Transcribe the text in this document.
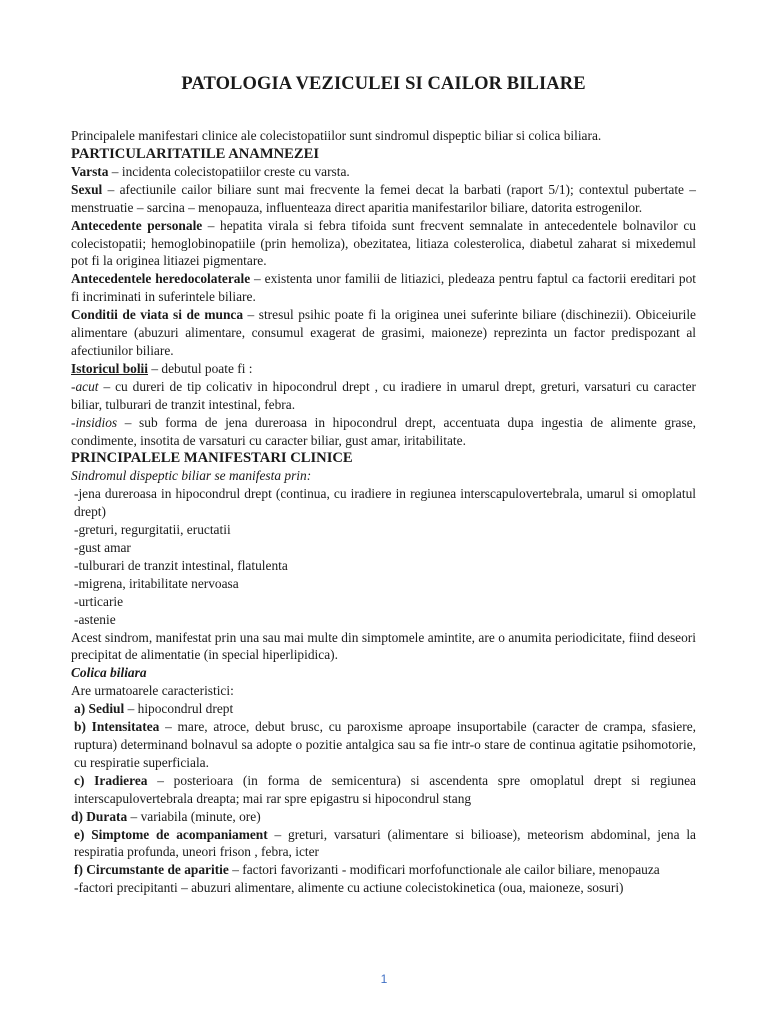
PATOLOGIA VEZICULEI SI CAILOR BILIARE

Principalele manifestari clinice ale colecistopatiilor sunt sindromul dispeptic biliar si colica biliara.

PARTICULARITATILE ANAMNEZEI

Varsta – incidenta colecistopatiilor creste cu varsta.

Sexul – afectiunile cailor biliare sunt mai frecvente la femei decat la barbati (raport 5/1); contextul pubertate – menstruatie – sarcina – menopauza, influenteaza direct aparitia manifestarilor biliare, datorita estrogenilor.

Antecedente personale – hepatita virala si febra tifoida sunt frecvent semnalate in antecedentele bolnavilor cu colecistopatii; hemoglobinopatiile (prin hemoliza), obezitatea, litiaza colesterolica, diabetul zaharat si mixedemul pot fi la originea litiazei pigmentare.

Antecedentele heredocolaterale – existenta unor familii de litiazici, pledeaza pentru faptul ca factorii ereditari pot fi incriminati in suferintele biliare.

Conditii de viata si de munca – stresul psihic poate fi la originea unei suferinte biliare (dischinezii). Obiceiurile alimentare (abuzuri alimentare, consumul exagerat de grasimi, maioneze) reprezinta un factor predispozant al afectiunilor biliare.

Istoricul bolii – debutul poate fi :

-acut – cu dureri de tip colicativ in hipocondrul drept , cu iradiere in umarul drept, greturi, varsaturi cu caracter biliar, tulburari de tranzit intestinal, febra.

-insidios – sub forma de jena dureroasa in hipocondrul drept, accentuata dupa ingestia de alimente grase, condimente, insotita de varsaturi cu caracter biliar, gust amar, iritabilitate.

PRINCIPALELE MANIFESTARI CLINICE

Sindromul dispeptic biliar se manifesta prin:

-jena dureroasa in hipocondrul drept (continua, cu iradiere in regiunea interscapulovertebrala, umarul si omoplatul drept)

-greturi, regurgitatii, eructatii

-gust amar

-tulburari de tranzit intestinal, flatulenta

-migrena, iritabilitate nervoasa

-urticarie

-astenie

Acest sindrom, manifestat prin una sau mai multe din simptomele amintite, are o anumita periodicitate, fiind deseori precipitat de alimentatie (in special hiperlipidica).

Colica biliara

Are urmatoarele caracteristici:

a) Sediul – hipocondrul drept

b) Intensitatea – mare, atroce, debut brusc, cu paroxisme aproape insuportabile (caracter de crampa, sfasiere, ruptura) determinand bolnavul sa adopte o pozitie antalgica sau sa fie intr-o stare de continua agitatie psihomotorie, cu respiratie superficiala.

c) Iradierea – posterioara (in forma de semicentura) si ascendenta spre omoplatul drept si regiunea interscapulovertebrala dreapta; mai rar spre epigastru si hipocondrul stang

d) Durata – variabila (minute, ore)

e) Simptome de acompaniament – greturi, varsaturi (alimentare si bilioase), meteorism abdominal, jena la respiratia profunda, uneori frison , febra, icter

f) Circumstante de aparitie – factori favorizanti - modificari morfofunctionale ale cailor biliare, menopauza

-factori precipitanti – abuzuri alimentare, alimente cu actiune colecistokinetica (oua, maioneze, sosuri)

1
